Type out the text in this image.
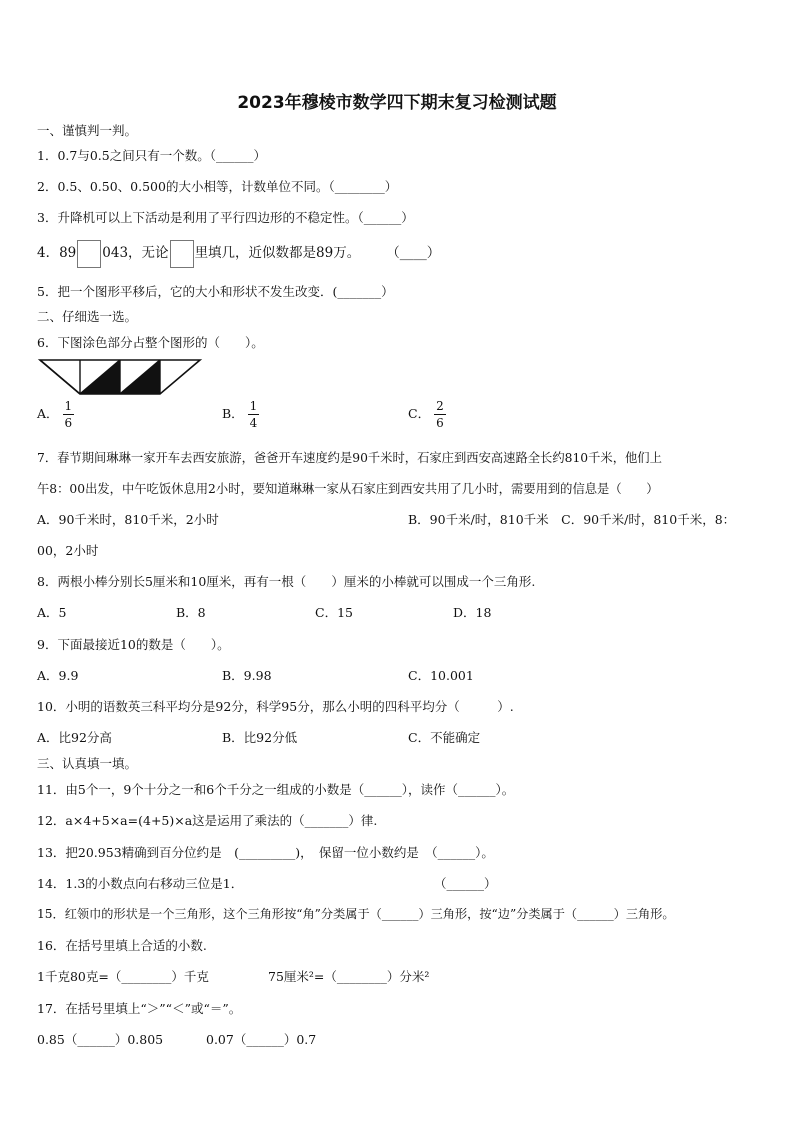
2023年穆棱市数学四下期末复习检测试题
一、谨慎判一判。
1．0.7与0.5之间只有一个数。（______）
2．0.5、0.50、0.500的大小相等，计数单位不同。（________）
3．升降机可以上下活动是利用了平行四边形的不稳定性。（______）
4．89 043，无论 里填几，近似数都是89万。 （____）
5．把一个图形平移后，它的大小和形状不发生改变．(_______）
二、仔细选一选。
6．下图涂色部分占整个图形的（　　）。
A． $\frac{1}{6}$	B． $\frac{1}{4}$	C． $\frac{2}{6}$
7．春节期间琳琳一家开车去西安旅游，爸爸开车速度约是90千米时，石家庄到西安高速路全长约810千米，他们上
午8：00出发，中午吃饭休息用2小时，要知道琳琳一家从石家庄到西安共用了几小时，需要用到的信息是（　　）
A．90千米时，810千米，2小时	B．90千米/时，810千米　C．90千米/时，810千米，8：
00，2小时
8．两根小棒分别长5厘米和10厘米，再有一根（　　）厘米的小棒就可以围成一个三角形.
A．5	B．8	C．15	D．18
9．下面最接近10的数是（　　）。
A．9.9	B．9.98	C．10.001
10．小明的语数英三科平均分是92分，科学95分，那么小明的四科平均分（　　　）.
A．比92分高	B．比92分低	C．不能确定
三、认真填一填。
11．由5个一，9个十分之一和6个千分之一组成的小数是（______），读作（______）。
12．a×4+5×a=(4+5)×a这是运用了乘法的（_______）律.
13．把20.953精确到百分位约是　(_________)，　保留一位小数约是　（______）。
14．1.3的小数点向右移动三位是1．	（______）
15．红领巾的形状是一个三角形，这个三角形按“角”分类属于（______）三角形，按“边”分类属于（______）三角形。
16．在括号里填上合适的小数.
1千克80克=（________）千克	75厘米²=（________）分米²
17．在括号里填上“＞”“＜”或“＝”。
0.85（______）0.805	0.07（______）0.7
